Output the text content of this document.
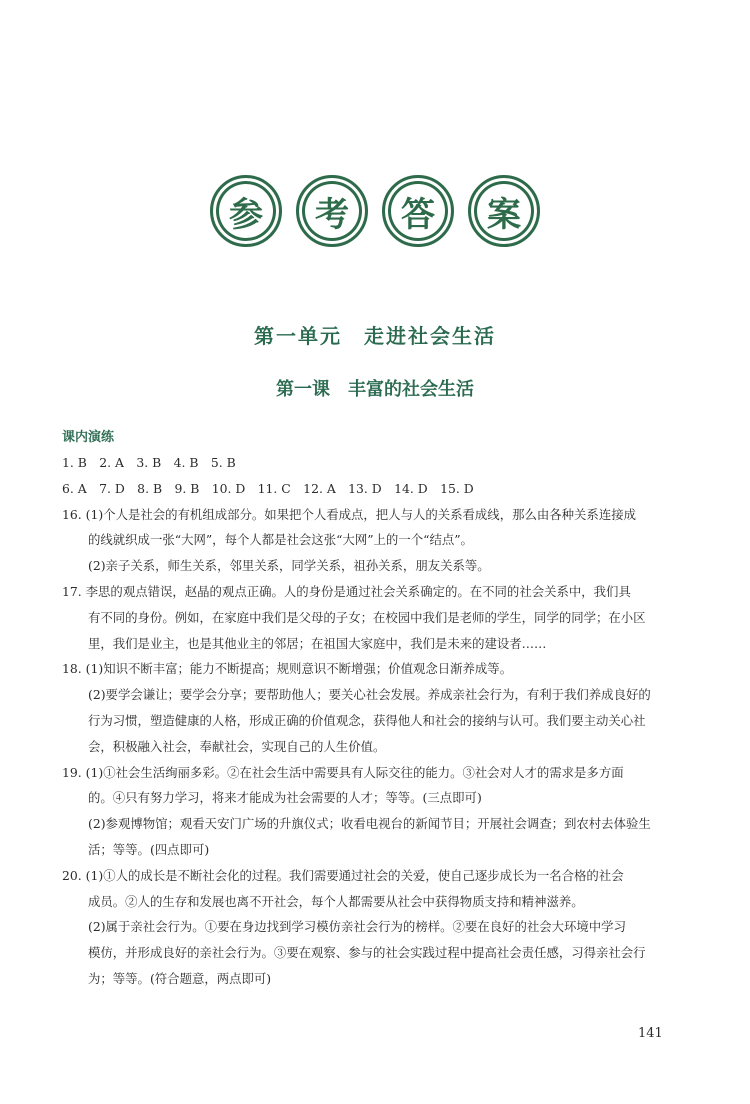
参	考	答	案
第一单元　走进社会生活
第一课　丰富的社会生活
课内演练
1. B　2. A　3. B　4. B　5. B
6. A　7. D　8. B　9. B　10. D　11. C　12. A　13. D　14. D　15. D
16. (1)个人是社会的有机组成部分。如果把个人看成点，把人与人的关系看成线，那么由各种关系连接成
的线就织成一张“大网”，每个人都是社会这张“大网”上的一个“结点”。
(2)亲子关系，师生关系，邻里关系，同学关系，祖孙关系，朋友关系等。
17. 李思的观点错误，赵晶的观点正确。人的身份是通过社会关系确定的。在不同的社会关系中，我们具
有不同的身份。例如，在家庭中我们是父母的子女；在校园中我们是老师的学生，同学的同学；在小区
里，我们是业主，也是其他业主的邻居；在祖国大家庭中，我们是未来的建设者……
18. (1)知识不断丰富；能力不断提高；规则意识不断增强；价值观念日渐养成等。
(2)要学会谦让；要学会分享；要帮助他人；要关心社会发展。养成亲社会行为，有利于我们养成良好的
行为习惯，塑造健康的人格，形成正确的价值观念，获得他人和社会的接纳与认可。我们要主动关心社
会，积极融入社会，奉献社会，实现自己的人生价值。
19. (1)①社会生活绚丽多彩。②在社会生活中需要具有人际交往的能力。③社会对人才的需求是多方面
的。④只有努力学习，将来才能成为社会需要的人才；等等。(三点即可)
(2)参观博物馆；观看天安门广场的升旗仪式；收看电视台的新闻节目；开展社会调查；到农村去体验生
活；等等。(四点即可)
20. (1)①人的成长是不断社会化的过程。我们需要通过社会的关爱，使自己逐步成长为一名合格的社会
成员。②人的生存和发展也离不开社会，每个人都需要从社会中获得物质支持和精神滋养。
(2)属于亲社会行为。①要在身边找到学习模仿亲社会行为的榜样。②要在良好的社会大环境中学习
模仿，并形成良好的亲社会行为。③要在观察、参与的社会实践过程中提高社会责任感，习得亲社会行
为；等等。(符合题意，两点即可)
141
